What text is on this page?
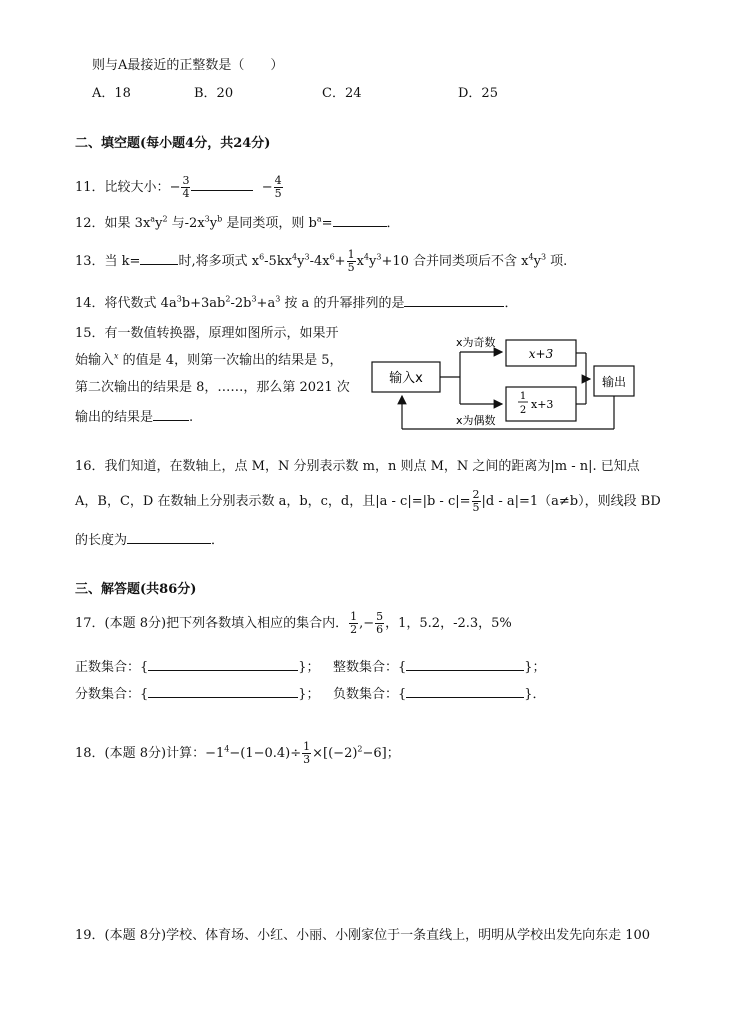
则与A最接近的正整数是（　　）
A．18	B．20	C．24	D．25
二、填空题(每小题4分，共24分)
11．比较大小：− $\frac{3}{4}$	− $\frac{4}{5}$
12．如果 $3x^ay^2$ 与$-2x^3y^b$ 是同类项，则 $b^a=$	．
13．当 k=	时,将多项式 $x^6-5kx^4y^3-4x^6+ \frac{1}{5} x^4y^3+10$ 合并同类项后不含 $x^4y^3$ 项.
14．将代数式 $4a^3b+3ab^2-2b^3+a^3$ 按 a 的升幂排列的是	．
15．有一数值转换器，原理如图所示，如果开
始输入$^x$ 的值是 4，则第一次输出的结果是 5，
第二次输出的结果是 8，……，那么第 2021 次
输出的结果是	.
输入x
x为奇数
x为偶数
x+3
1
2 x+3
输出
16．我们知道，在数轴上，点 M，N 分别表示数 m，n 则点 M，N 之间的距离为|m - n|. 已知点
A，B，C，D 在数轴上分别表示数 a，b，c，d，且$|a - c|=|b - c|= \frac{2}{5} |d - a|=1(a\ne b)$，则线段 BD
的长度为	．
三、解答题(共86分)
17．(本题 8分)把下列各数填入相应的集合内． $\frac{1}{2}$ ,− $\frac{5}{6}$ ，1，5.2，-2.3，5%
正数集合：{	}； 整数集合：{	}；
分数集合：{	}； 负数集合：{	}．
18．(本题 8分)计算：$-1^4-(1-0.4)\div \frac{1}{3} \times[(-2)^2-6]$；
19．(本题 8分)学校、体育场、小红、小丽、小刚家位于一条直线上，明明从学校出发先向东走 100
